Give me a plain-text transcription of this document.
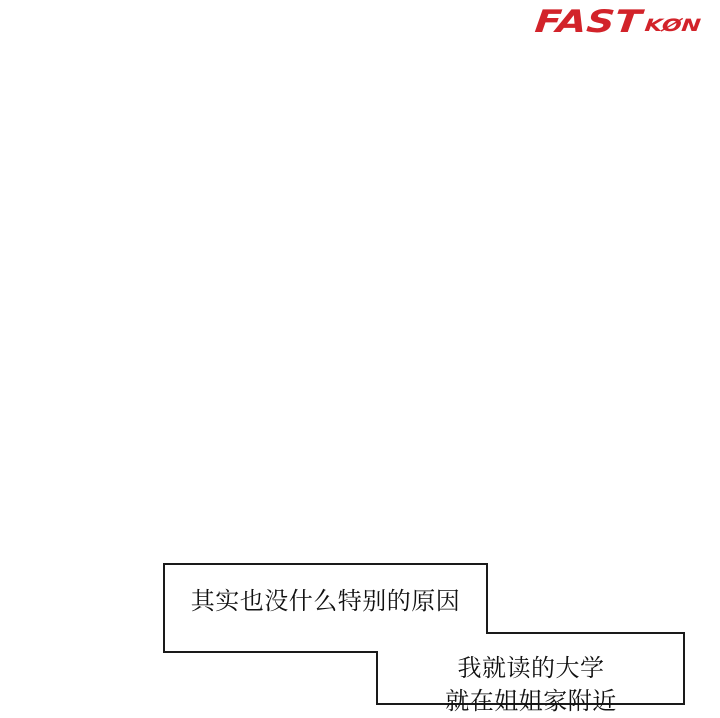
FAST	KØN
其实也没什么特别的原因
我就读的大学
就在姐姐家附近
